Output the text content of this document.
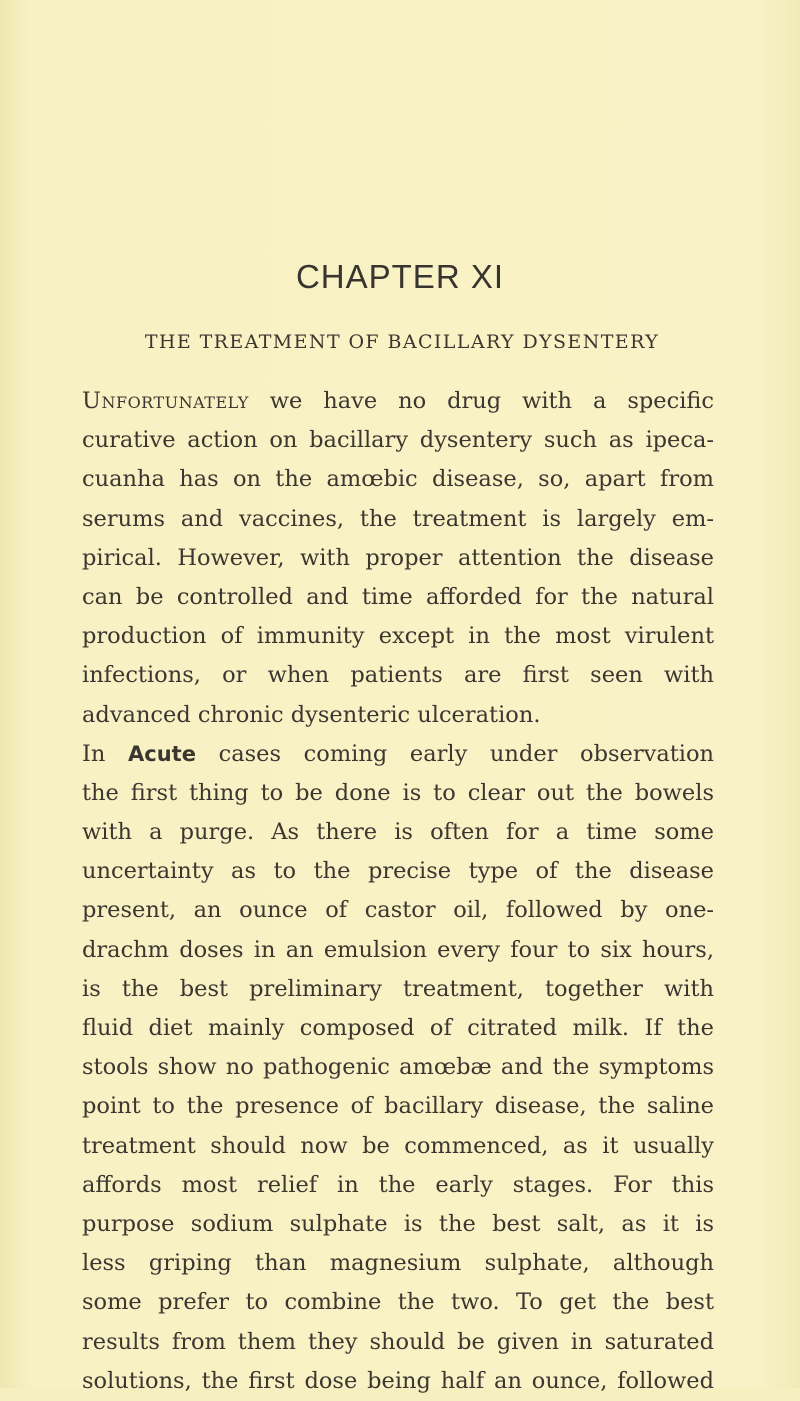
CHAPTER XI
THE TREATMENT OF BACILLARY DYSENTERY
Unfortunately we have no drug with a specific
curative action on bacillary dysentery such as ipeca-
cuanha has on the amœbic disease, so, apart from
serums and vaccines, the treatment is largely em-
pirical. However, with proper attention the disease
can be controlled and time afforded for the natural
production of immunity except in the most virulent
infections, or when patients are first seen with
advanced chronic dysenteric ulceration.
In Acute cases coming early under observation
the first thing to be done is to clear out the bowels
with a purge. As there is often for a time some
uncertainty as to the precise type of the disease
present, an ounce of castor oil, followed by one-
drachm doses in an emulsion every four to six hours,
is the best preliminary treatment, together with
fluid diet mainly composed of citrated milk. If the
stools show no pathogenic amœbæ and the symptoms
point to the presence of bacillary disease, the saline
treatment should now be commenced, as it usually
affords most relief in the early stages. For this
purpose sodium sulphate is the best salt, as it is
less griping than magnesium sulphate, although
some prefer to combine the two. To get the best
results from them they should be given in saturated
solutions, the first dose being half an ounce, followed
